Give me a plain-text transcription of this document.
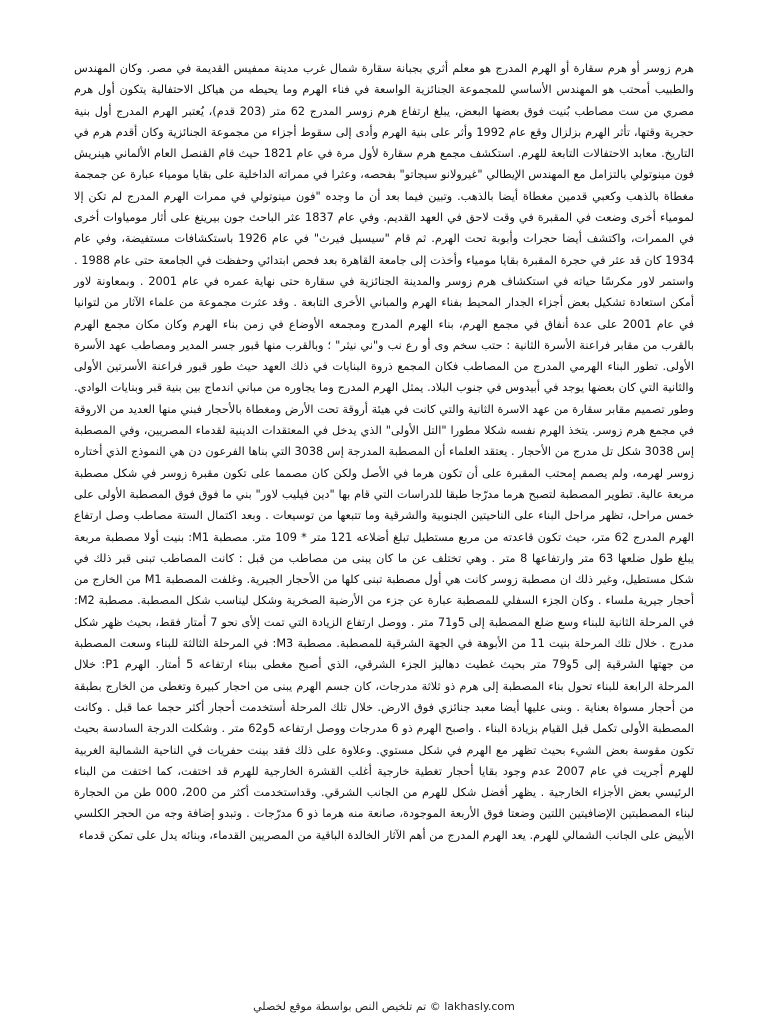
هرم زوسر أو هرم سقارة أو الهرم المدرج هو معلم أثري بجبانة سقارة شمال غرب مدينة ممفيس القديمة في مصر. وكان المهندس والطبيب أمحتب هو المهندس الأساسي للمجموعة الجنائزية الواسعة في فناء الهرم وما يحيطه من هياكل الاحتفالية يتكون أول هرم مصري من ست مصاطب بُنيت فوق بعضها البعض، يبلغ ارتفاع هرم زوسر المدرج 62 متر (203 قدم)، يُعتبر الهرم المدرج أول بنية حجرية وقتها، تأثر الهرم بزلزال وقع عام 1992 وأثر على بنية الهرم وأدى إلى سقوط أجزاء من مجموعة الجنائزية وكان أقدم هرم في التاريخ. معابد الاحتفالات التابعة للهرم. استكشف مجمع هرم سقارة لأول مرة في عام 1821 حيث قام القنصل العام الألماني هينريش فون مينوتولي بالتزامل مع المهندس الإيطالي "غيرولانو سيجاتو" بفحصه، وعثرا في ممراته الداخلية على بقايا مومياء عبارة عن جمجمة مغطاة بالذهب وكعبي قدمين مغطاة أيضا بالذهب. وتبين فيما بعد أن ما وجده "فون مينوتولي في ممرات الهرم المدرج لم تكن إلا لمومياء أخرى وضعت في المقبرة في وقت لاحق في العهد القديم. وفي عام 1837 عثر الباحث جون بيرينغ على أثار مومياوات أخرى في الممرات، واكتشف أيضا حجرات وأبوبة تحت الهرم. ثم قام "سيسيل فيرث" في عام 1926 باستكشافات مستفيضة، وفي عام 1934 كان قد عثر في حجرة المقبرة بقايا مومياء وأخذت إلى جامعة القاهرة بعد فحص ابتدائي وحفظت في الجامعة حتى عام 1988 . واستمر لاور مكرسًا حياته في استكشاف هرم زوسر والمدينة الجنائزية في سقارة حتى نهاية عمره في عام 2001 . وبمعاونة لاور أمكن استعادة تشكيل بعض أجزاء الجدار المحيط بفناء الهرم والمباني الأخرى التابعة . وقد عثرت مجموعة من علماء الآثار من لتوانيا في عام 2001 على عدة أنفاق في مجمع الهرم، بناء الهرم المدرج ومجمعه الأوضاع في زمن بناء الهرم وكان مكان مجمع الهرم بالقرب من مقابر فراعنة الأسرة الثانية : حتب سخم وى أو رع نب و"ني نيثر" ؛ وبالقرب منها قبور جسر المدير ومصاطب عهد الأسرة الأولى. تطور البناء الهرمي المدرج من المصاطب فكان المجمع ذروة البنايات في ذلك العهد حيث طور قبور فراعنة الأسرتين الأولى والثانية التي كان بعضها يوجد في أبيدوس في جنوب البلاد. يمثل الهرم المدرج وما يجاوره من مباني اندماج بين بنية قبر وبنايات الوادي. وطور تصميم مقابر سقارة من عهد الاسرة الثانية والتي كانت في هيئة أروقة تحت الأرض ومغطاة بالأحجار فبني منها العديد من الاروقة في مجمع هرم زوسر. يتخذ الهرم نفسه شكلا مطورا "التل الأولى" الذي يدخل في المعتقدات الدينية لقدماء المصريين، وفي المصطبة إس 3038 شكل تل مدرج من الأحجار . يعتقد العلماء أن المصطبة المدرجة إس 3038 التي بناها الفرعون دن هي النموذج الذي أختاره زوسر لهرمه، ولم يصمم إمحتب المقبرة على أن تكون هرما في الأصل ولكن كان مصمما على تكون مقبرة زوسر في شكل مصطبة مربعة عالية. تطوير المصطبة لتصبح هرما مدرّجا طبقا للدراسات التي قام بها "دين فيليب لاور" بني ما فوق فوق المصطبة الأولى على خمس مراحل، تظهر مراحل البناء على الناحيتين الجنوبية والشرقية وما تتبعها من توسيعات . وبعد اكتمال الستة مصاطب وصل ارتفاع الهرم المدرج 62 متر، حيث تكون قاعدته من مربع مستطيل تبلغ أضلاعه 121 متر * 109 متر. مصطبة M1: بنيت أولا مصطبة مربعة يبلغ طول ضلعها 63 متر وارتفاعها 8 متر . وهي تختلف عن ما كان يبنى من مصاطب من قبل : كانت المصاطب تبنى قبر ذلك في شكل مستطيل، وغير ذلك ان مصطبة زوسر كانت هي أول مصطبة تبنى كلها من الأحجار الجيرية. وغلفت المصطبة M1 من الخارج من أحجار جيرية ملساء . وكان الجزء السفلي للمصطبة عبارة عن جزء من الأرضية الصخرية وشكل ليناسب شكل المصطبة. مصطبة M2: في المرحلة الثانية للبناء وسع ضلع المصطبة إلى 5و71 متر . ووصل ارتفاع الزيادة التي تمت إلأى نحو 7 أمتار فقط، بحيث ظهر شكل مدرج . خلال تلك المرحلة بنيت 11 من الأبوهة في الجهة الشرقية للمصطبة. مصطبة M3: في المرحلة الثالثة للبناء وسعت المصطبة من جهتها الشرقية إلى 5و79 متر بحيث غطيت دهاليز الجزء الشرقي، الذي أصبح مغطى ببناء ارتفاعه 5 أمتار. الهرم P1: خلال المرحلة الرابعة للبناء تحول بناء المصطبة إلى هرم ذو ثلاثة مدرجات، كان جسم الهرم يبنى من احجار كبيرة وتغطى من الخارج بطبقة من أحجار مسواة بعناية . وبنى عليها أيضا معبد جنائزي فوق الارض. خلال تلك المرحلة أستخدمت أحجار أكثر حجما عما قبل . وكانت المصطبة الأولى تكمل قبل القيام بزيادة البناء . واصبح الهرم ذو 6 مدرجات ووصل ارتفاعه 5و62 متر . وشكلت الدرجة السادسة بحيث تكون مقوسة بعض الشيء بحيث تظهر مع الهرم في شكل مستوي. وعلاوة على ذلك فقد بينت حفريات في الناحية الشمالية الغربية للهرم أجريت في عام 2007 عدم وجود بقايا أحجار تغطية خارجية أغلب القشرة الخارجية للهرم قد اختفت، كما اختفت من البناء الرئيسي بعض الأجزاء الخارجية . يظهر أفضل شكل للهرم من الجانب الشرقي. وقداستخدمت أكثر من 200، 000 طن من الحجارة لبناء المصطبتين الإضافيتين اللتين وضعتا فوق الأربعة الموجودة، صانعة منه هرما ذو 6 مدرّجات . وتبدو إضافة وجه من الحجر الكلسي الأبيض على الجانب الشمالي للهرم. يعد الهرم المدرج من أهم الآثار الخالدة الباقية من المصريين القدماء، وبنائه يدل على تمكن قدماء

lakhasly.com © تم تلخيص النص بواسطة موقع لخصلي
